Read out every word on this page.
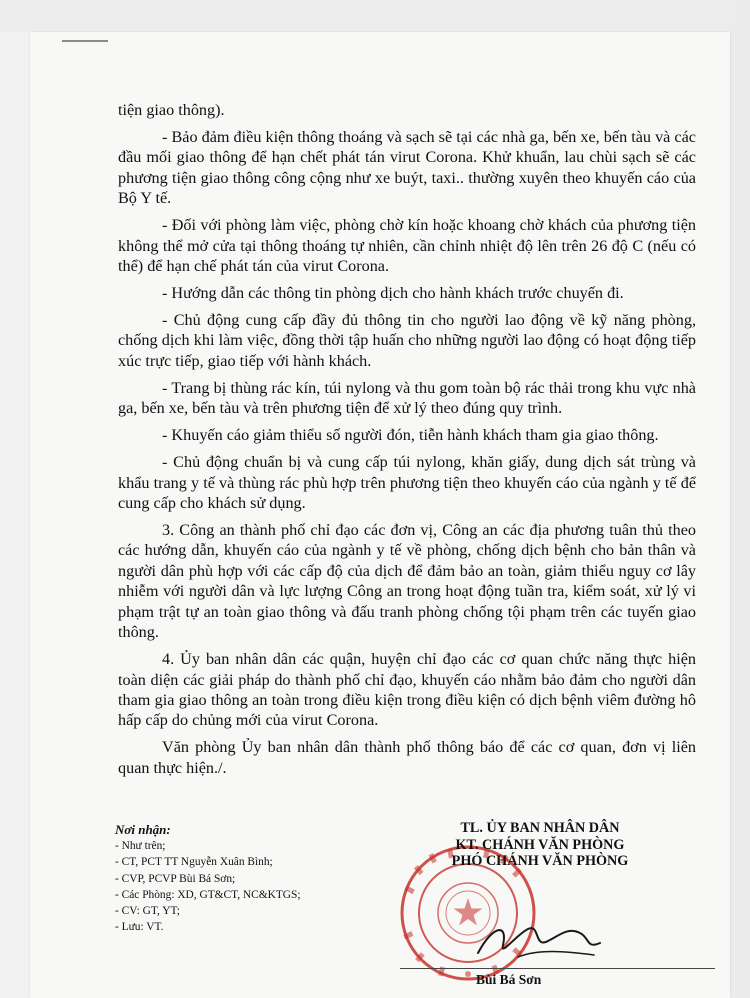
tiện giao thông).

- Bảo đảm điều kiện thông thoáng và sạch sẽ tại các nhà ga, bến xe, bến tàu và các đầu mối giao thông để hạn chết phát tán virut Corona. Khử khuẩn, lau chùi sạch sẽ các phương tiện giao thông công cộng như xe buýt, taxi.. thường xuyên theo khuyến cáo của Bộ Y tế.

- Đối với phòng làm việc, phòng chờ kín hoặc khoang chờ khách của phương tiện không thể mở cửa tại thông thoáng tự nhiên, cần chỉnh nhiệt độ lên trên 26 độ C (nếu có thể) để hạn chế phát tán của virut Corona.

- Hướng dẫn các thông tin phòng dịch cho hành khách trước chuyến đi.

- Chủ động cung cấp đầy đủ thông tin cho người lao động về kỹ năng phòng, chống dịch khi làm việc, đồng thời tập huấn cho những người lao động có hoạt động tiếp xúc trực tiếp, giao tiếp với hành khách.

- Trang bị thùng rác kín, túi nylong và thu gom toàn bộ rác thải trong khu vực nhà ga, bến xe, bến tàu và trên phương tiện để xử lý theo đúng quy trình.

- Khuyến cáo giảm thiểu số người đón, tiễn hành khách tham gia giao thông.

- Chủ động chuẩn bị và cung cấp túi nylong, khăn giấy, dung dịch sát trùng và khẩu trang y tế và thùng rác phù hợp trên phương tiện theo khuyến cáo của ngành y tế để cung cấp cho khách sử dụng.

3. Công an thành phố chỉ đạo các đơn vị, Công an các địa phương tuân thủ theo các hướng dẫn, khuyến cáo của ngành y tế về phòng, chống dịch bệnh cho bản thân và người dân phù hợp với các cấp độ của dịch để đảm bảo an toàn, giảm thiểu nguy cơ lây nhiễm với người dân và lực lượng Công an trong hoạt động tuần tra, kiểm soát, xử lý vi phạm trật tự an toàn giao thông và đấu tranh phòng chống tội phạm trên các tuyến giao thông.

4. Ủy ban nhân dân các quận, huyện chỉ đạo các cơ quan chức năng thực hiện toàn diện các giải pháp do thành phố chỉ đạo, khuyến cáo nhằm bảo đảm cho người dân tham gia giao thông an toàn trong điều kiện trong điều kiện có dịch bệnh viêm đường hô hấp cấp do chủng mới của virut Corona.

Văn phòng Ủy ban nhân dân thành phố thông báo để các cơ quan, đơn vị liên quan thực hiện./.

Nơi nhận:
- Như trên;
- CT, PCT TT Nguyễn Xuân Bình;
- CVP, PCVP Bùi Bá Sơn;
- Các Phòng: XD, GT&CT, NC&KTGS;
- CV: GT, YT;
- Lưu: VT.
TL. ỦY BAN NHÂN DÂN
KT. CHÁNH VĂN PHÒNG
PHÓ CHÁNH VĂN PHÒNG
Bùi Bá Sơn
